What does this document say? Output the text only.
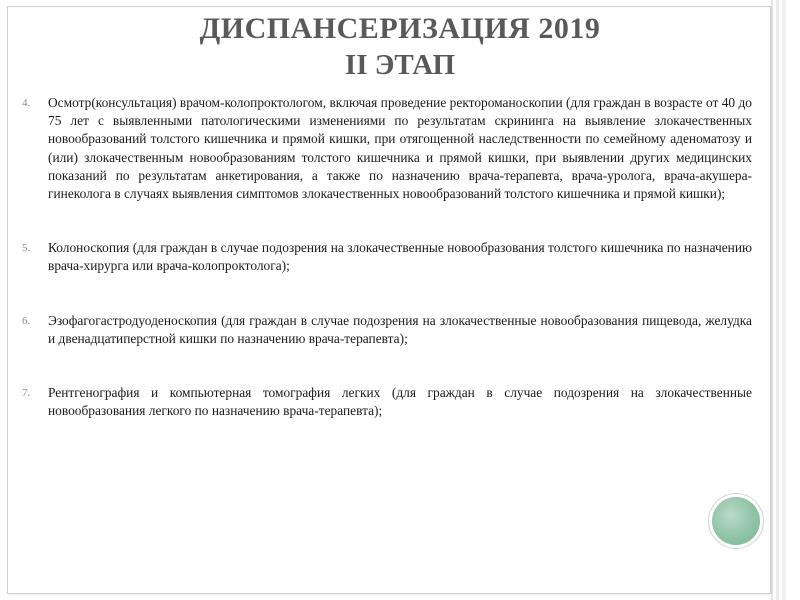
ДИСПАНСЕРИЗАЦИЯ 2019
II ЭТАП
4. Осмотр(консультация) врачом-колопроктологом, включая проведение ректороманоскопии (для граждан в возрасте от 40 до 75 лет с выявленными патологическими изменениями по результатам скрининга на выявление злокачественных новообразований толстого кишечника и прямой кишки, при отягощенной наследственности по семейному аденоматозу и (или) злокачественным новообразованиям толстого кишечника и прямой кишки, при выявлении других медицинских показаний по результатам анкетирования, а также по назначению врача-терапевта, врача-уролога, врача-акушера-гинеколога в случаях выявления симптомов злокачественных новообразований толстого кишечника и прямой кишки);
5. Колоноскопия (для граждан в случае подозрения на злокачественные новообразования толстого кишечника по назначению врача-хирурга или врача-колопроктолога);
6. Эзофагогастродуоденоскопия (для граждан в случае подозрения на злокачественные новообразования пищевода, желудка и двенадцатиперстной кишки по назначению врача-терапевта);
7. Рентгенография и компьютерная томография легких (для граждан в случае подозрения на злокачественные новообразования легкого по назначению врача-терапевта);
